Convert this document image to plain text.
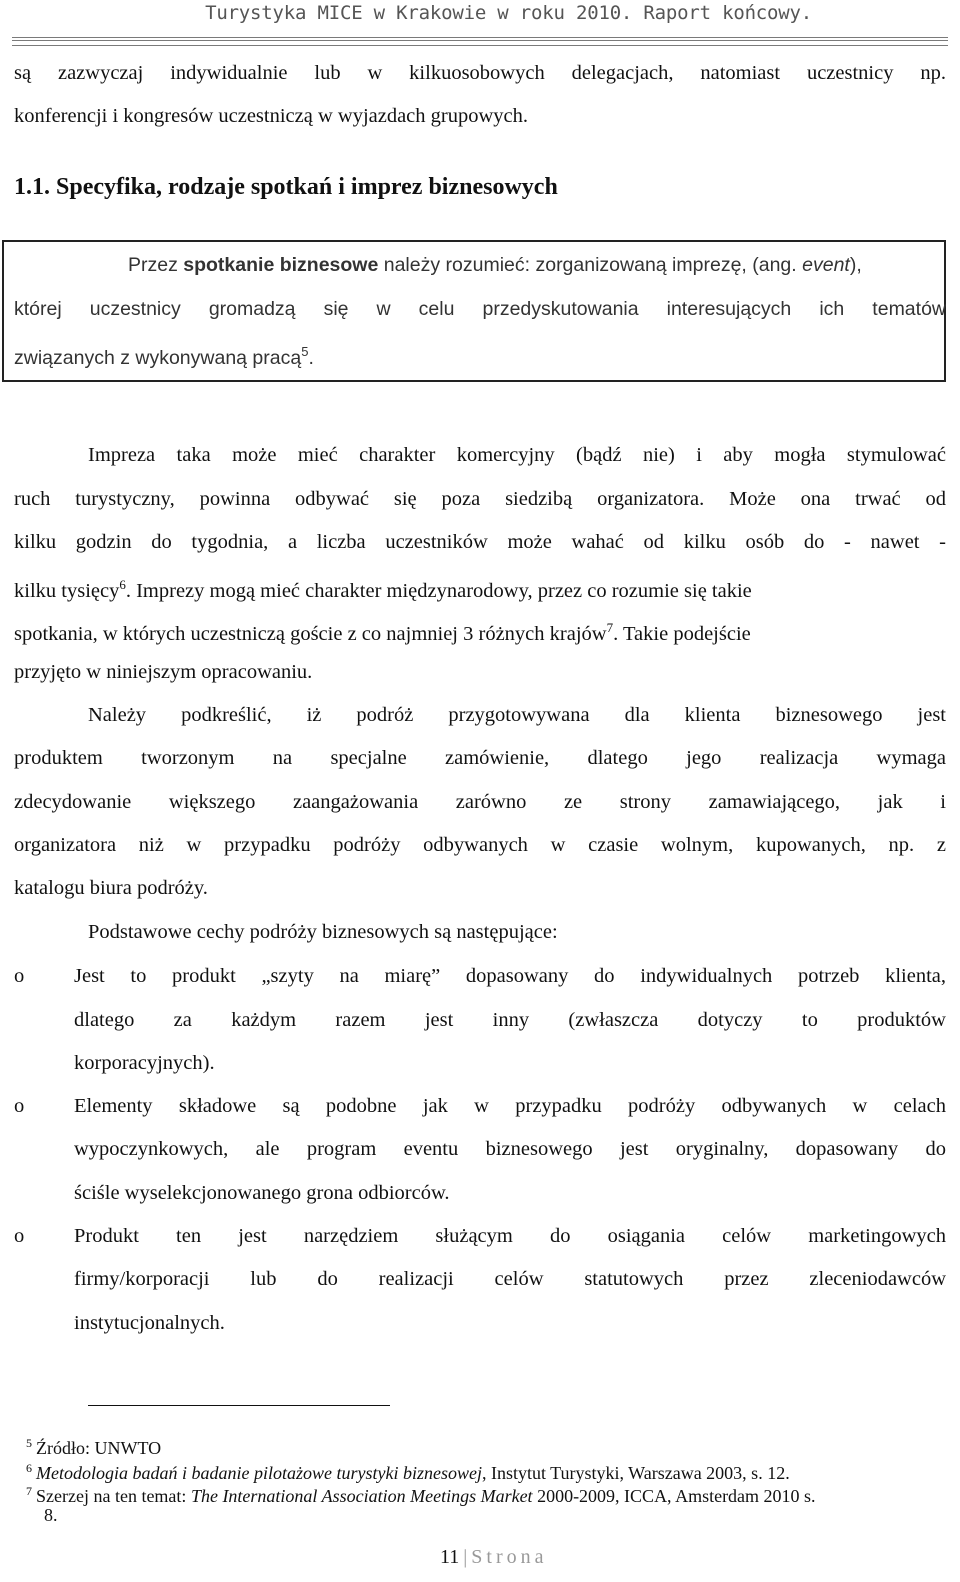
Turystyka MICE w Krakowie w roku 2010. Raport końcowy.
są zazwyczaj indywidualnie lub w kilkuosobowych delegacjach, natomiast uczestnicy np.
konferencji i kongresów uczestniczą w wyjazdach grupowych.
1.1. Specyfika, rodzaje spotkań i imprez biznesowych
Przez spotkanie biznesowe należy rozumieć: zorganizowaną imprezę, (ang. event),
której uczestnicy gromadzą się w celu przedyskutowania interesujących ich tematów
związanych z wykonywaną pracą$^5$.
Impreza taka może mieć charakter komercyjny (bądź nie) i aby mogła stymulować
ruch turystyczny, powinna odbywać się poza siedzibą organizatora. Może ona trwać od
kilku godzin do tygodnia, a liczba uczestników może wahać od kilku osób do - nawet -
kilku tysięcy$^6$. Imprezy mogą mieć charakter międzynarodowy, przez co rozumie się takie
spotkania, w których uczestniczą goście z co najmniej 3 różnych krajów$^7$. Takie podejście
przyjęto w niniejszym opracowaniu.
Należy podkreślić, iż podróż przygotowywana dla klienta biznesowego jest
produktem tworzonym na specjalne zamówienie, dlatego jego realizacja wymaga
zdecydowanie większego zaangażowania zarówno ze strony zamawiającego, jak i
organizatora niż w przypadku podróży odbywanych w czasie wolnym, kupowanych, np. z
katalogu biura podróży.
Podstawowe cechy podróży biznesowych są następujące:
o Jest to produkt „szyty na miarę” dopasowany do indywidualnych potrzeb klienta,
dlatego za każdym razem jest inny (zwłaszcza dotyczy to produktów
korporacyjnych).
o Elementy składowe są podobne jak w przypadku podróży odbywanych w celach
wypoczynkowych, ale program eventu biznesowego jest oryginalny, dopasowany do
ściśle wyselekcjonowanego grona odbiorców.
o Produkt ten jest narzędziem służącym do osiągania celów marketingowych
firmy/korporacji lub do realizacji celów statutowych przez zleceniodawców
instytucjonalnych.
$^5$ Źródło: UNWTO
$^6$ Metodologia badań i badanie pilotażowe turystyki biznesowej, Instytut Turystyki, Warszawa 2003, s. 12.
$^7$ Szerzej na ten temat: The International Association Meetings Market 2000-2009, ICCA, Amsterdam 2010 s.
8.
11 | Strona
